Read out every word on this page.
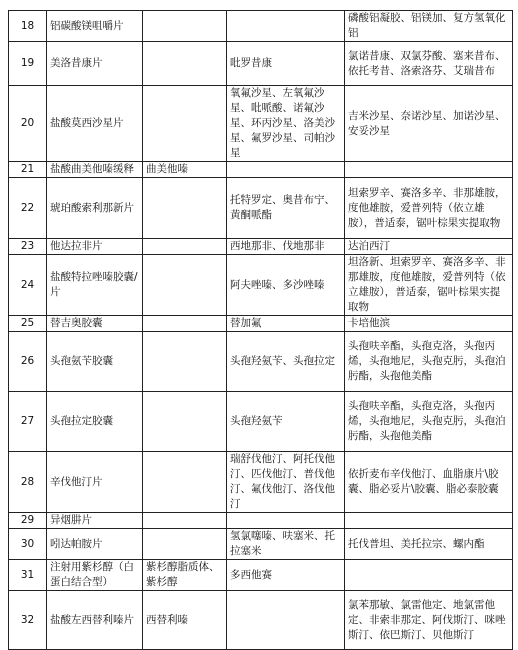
18	铝碳酸镁咀嚼片			磷酸铝凝胶、铝镁加、复方氢氧化铝
19	美洛昔康片		吡罗昔康	氯诺昔康、双氯芬酸、塞来昔布、依托考昔、洛索洛芬、艾瑞昔布
20	盐酸莫西沙星片		氧氟沙星、左氧氟沙星、吡哌酸、诺氟沙星、环丙沙星、洛美沙星、氟罗沙星、司帕沙星	吉米沙星、奈诺沙星、加诺沙星、安妥沙星
21	盐酸曲美他嗪缓释	曲美他嗪		
22	琥珀酸索利那新片		托特罗定、奥昔布宁、黄酮哌酯	坦索罗辛、赛洛多辛、非那雄胺，度他雄胺，爱普列特（依立雄胺），普适泰，锯叶棕果实提取物
23	他达拉非片		西地那非、伐地那非	达泊西汀
24	盐酸特拉唑嗪胶囊/片		阿夫唑嗪、多沙唑嗪	坦洛新、坦索罗辛、赛洛多辛、非那雄胺，度他雄胺，爱普列特（依立雄胺），普适泰，锯叶棕果实提取物
25	替吉奥胶囊		替加氟	卡培他滨
26	头孢氨苄胶囊		头孢羟氨苄、头孢拉定	头孢呋辛酯，头孢克洛，头孢丙烯，头孢地尼，头孢克肟，头孢泊肟酯，头孢他美酯
27	头孢拉定胶囊		头孢羟氨苄	头孢呋辛酯，头孢克洛，头孢丙烯，头孢地尼，头孢克肟，头孢泊肟酯，头孢他美酯
28	辛伐他汀片		瑞舒伐他汀、阿托伐他汀、匹伐他汀、普伐他汀、氟伐他汀、洛伐他汀	依折麦布辛伐他汀、血脂康片\胶囊、脂必妥片\胶囊、脂必泰胶囊
29	异烟肼片			
30	吲达帕胺片		氢氯噻嗪、呋塞米、托拉塞米	托伐普坦、美托拉宗、螺内酯
31	注射用紫杉醇（白蛋白结合型）	紫杉醇脂质体、紫杉醇	多西他赛	
32	盐酸左西替利嗪片	西替利嗪		氯苯那敏、氯雷他定、地氯雷他定、非索非那定、阿伐斯汀、咪唑斯汀、依巴斯汀、贝他斯汀
